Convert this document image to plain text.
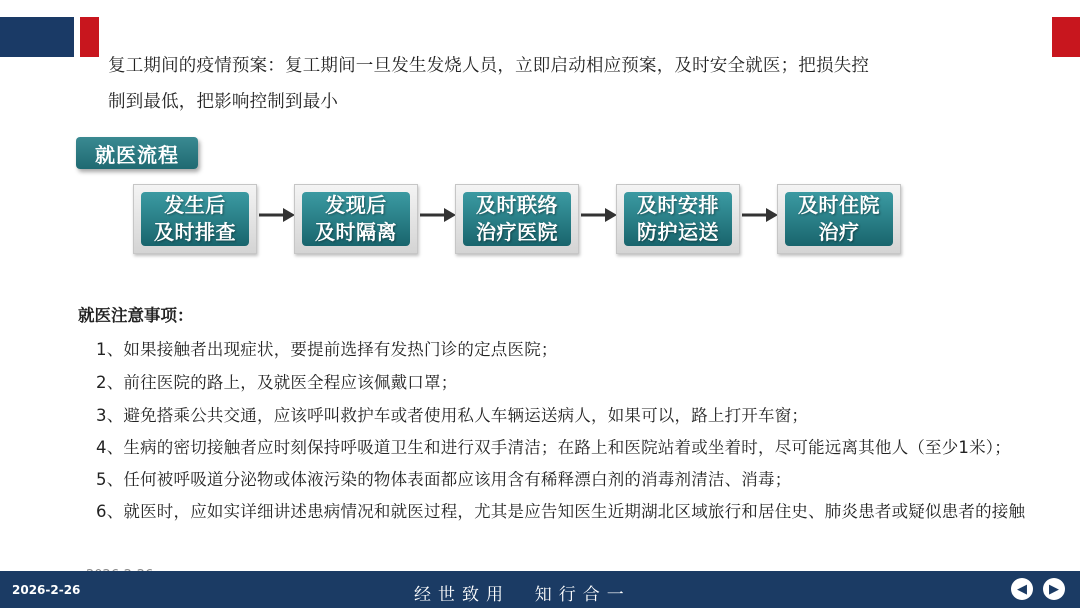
复工期间的疫情预案：复工期间一旦发生发烧人员，立即启动相应预案，及时安全就医；把损失控
制到最低，把影响控制到最小
就医流程
发生后
及时排查
发现后
及时隔离
及时联络
治疗医院
及时安排
防护运送
及时住院
治疗
就医注意事项：
1、如果接触者出现症状，要提前选择有发热门诊的定点医院；
2、前往医院的路上，及就医全程应该佩戴口罩；
3、避免搭乘公共交通，应该呼叫救护车或者使用私人车辆运送病人，如果可以，路上打开车窗；
4、生病的密切接触者应时刻保持呼吸道卫生和进行双手清洁；在路上和医院站着或坐着时，尽可能远离其他人（至少1米）；
5、任何被呼吸道分泌物或体液污染的物体表面都应该用含有稀释漂白剂的消毒剂清洁、消毒；
6、就医时，应如实详细讲述患病情况和就医过程，尤其是应告知医生近期湖北区域旅行和居住史、肺炎患者或疑似患者的接触
2026-2-26	经世致用  知行合一	◀ ▶
